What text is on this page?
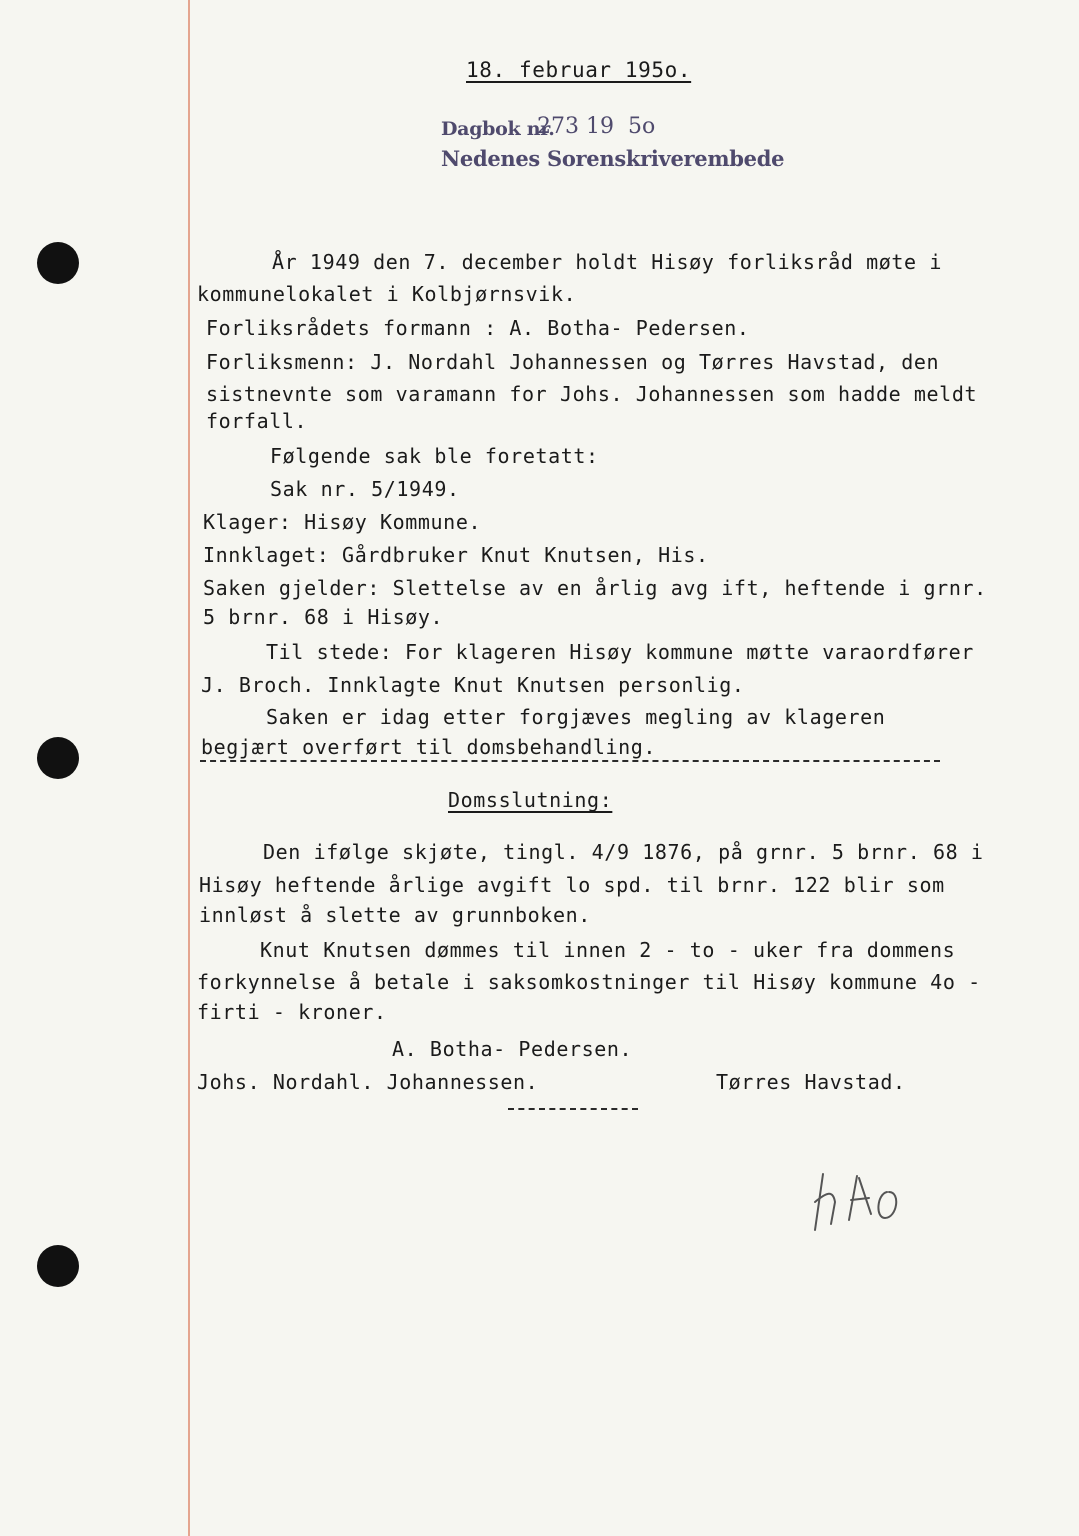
18. februar 195o.
Dagbok nr.
273 19  5o
Nedenes Sorenskriverembede
År 1949 den 7. december holdt Hisøy forliksråd møte i
kommunelokalet i Kolbjørnsvik.
Forliksrådets formann : A. Botha- Pedersen.
Forliksmenn: J. Nordahl Johannessen og Tørres Havstad, den
sistnevnte som varamann for Johs. Johannessen som hadde meldt
forfall.
Følgende sak ble foretatt:
Sak nr. 5/1949.
Klager: Hisøy Kommune.
Innklaget: Gårdbruker Knut Knutsen, His.
Saken gjelder: Slettelse av en årlig avg ift, heftende i grnr.
5 brnr. 68 i Hisøy.
Til stede: For klageren Hisøy kommune møtte varaordfører
J. Broch. Innklagte Knut Knutsen personlig.
Saken er idag etter forgjæves megling av klageren
begjært overført til domsbehandling.
Domsslutning:
Den ifølge skjøte, tingl. 4/9 1876, på grnr. 5 brnr. 68 i
Hisøy heftende årlige avgift lo spd. til brnr. 122 blir som
innløst å slette av grunnboken.
Knut Knutsen dømmes til innen 2 - to - uker fra dommens
forkynnelse å betale i saksomkostninger til Hisøy kommune 4o -
firti - kroner.
A. Botha- Pedersen.
Johs. Nordahl. Johannessen.	Tørres Havstad.
